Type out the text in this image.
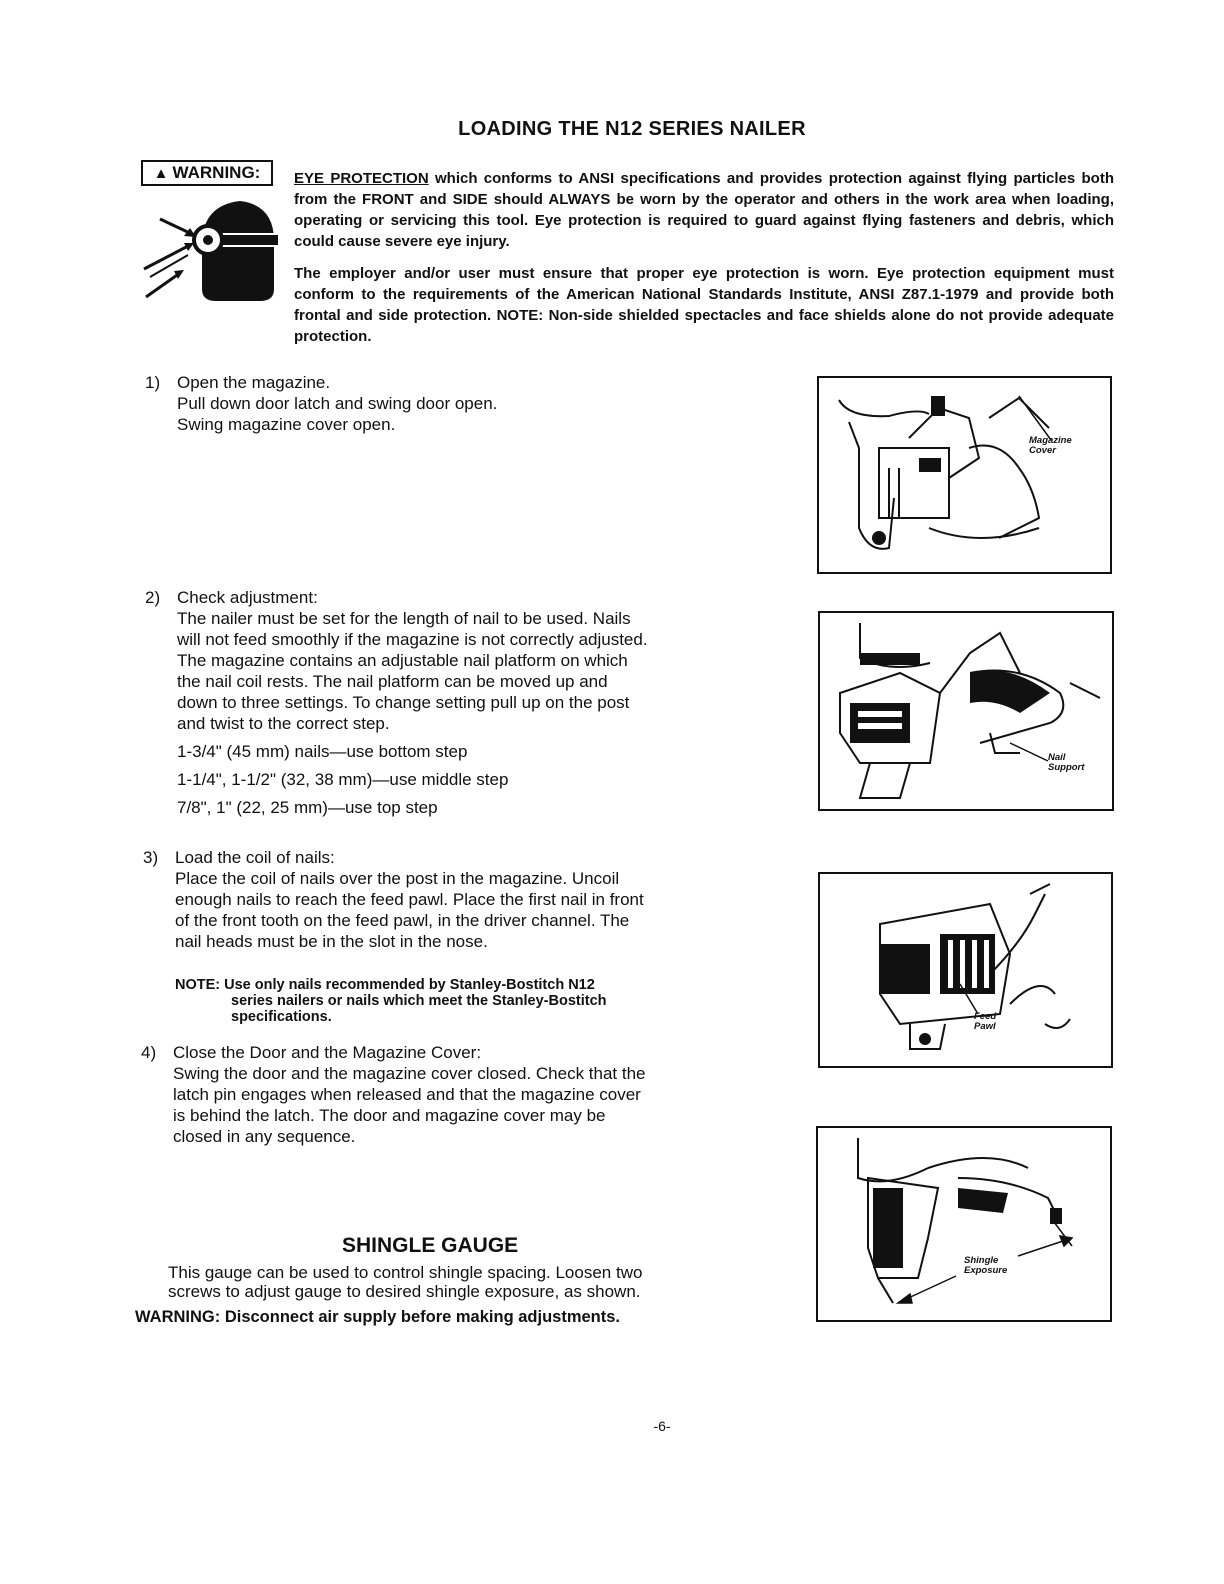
LOADING THE N12 SERIES NAILER
▲ WARNING: EYE PROTECTION which conforms to ANSI specifications and provides protection against flying particles both from the FRONT and SIDE should ALWAYS be worn by the operator and others in the work area when loading, operating or servicing this tool. Eye protection is required to guard against flying fasteners and debris, which could cause severe eye injury.

The employer and/or user must ensure that proper eye protection is worn. Eye protection equipment must conform to the requirements of the American National Standards Institute, ANSI Z87.1-1979 and provide both frontal and side protection. NOTE: Non-side shielded spectacles and face shields alone do not provide adequate protection.

1) Open the magazine.
Pull down door latch and swing door open.
Swing magazine cover open.
2) Check adjustment:
The nailer must be set for the length of nail to be used. Nails
will not feed smoothly if the magazine is not correctly adjusted.
The magazine contains an adjustable nail platform on which
the nail coil rests. The nail platform can be moved up and
down to three settings. To change setting pull up on the post
and twist to the correct step.
1-3/4" (45 mm) nails—use bottom step
1-1/4", 1-1/2" (32, 38 mm)—use middle step
7/8", 1" (22, 25 mm)—use top step
3) Load the coil of nails:
Place the coil of nails over the post in the magazine. Uncoil
enough nails to reach the feed pawl. Place the first nail in front
of the front tooth on the feed pawl, in the driver channel. The
nail heads must be in the slot in the nose.
NOTE: Use only nails recommended by Stanley-Bostitch N12
series nailers or nails which meet the Stanley-Bostitch
specifications.
4) Close the Door and the Magazine Cover:
Swing the door and the magazine cover closed. Check that the
latch pin engages when released and that the magazine cover
is behind the latch. The door and magazine cover may be
closed in any sequence.
Magazine
Cover
Nail
Support
Feed
Pawl
Shingle
Exposure
SHINGLE GAUGE
This gauge can be used to control shingle spacing. Loosen two
screws to adjust gauge to desired shingle exposure, as shown.
WARNING: Disconnect air supply before making adjustments.
-6-
